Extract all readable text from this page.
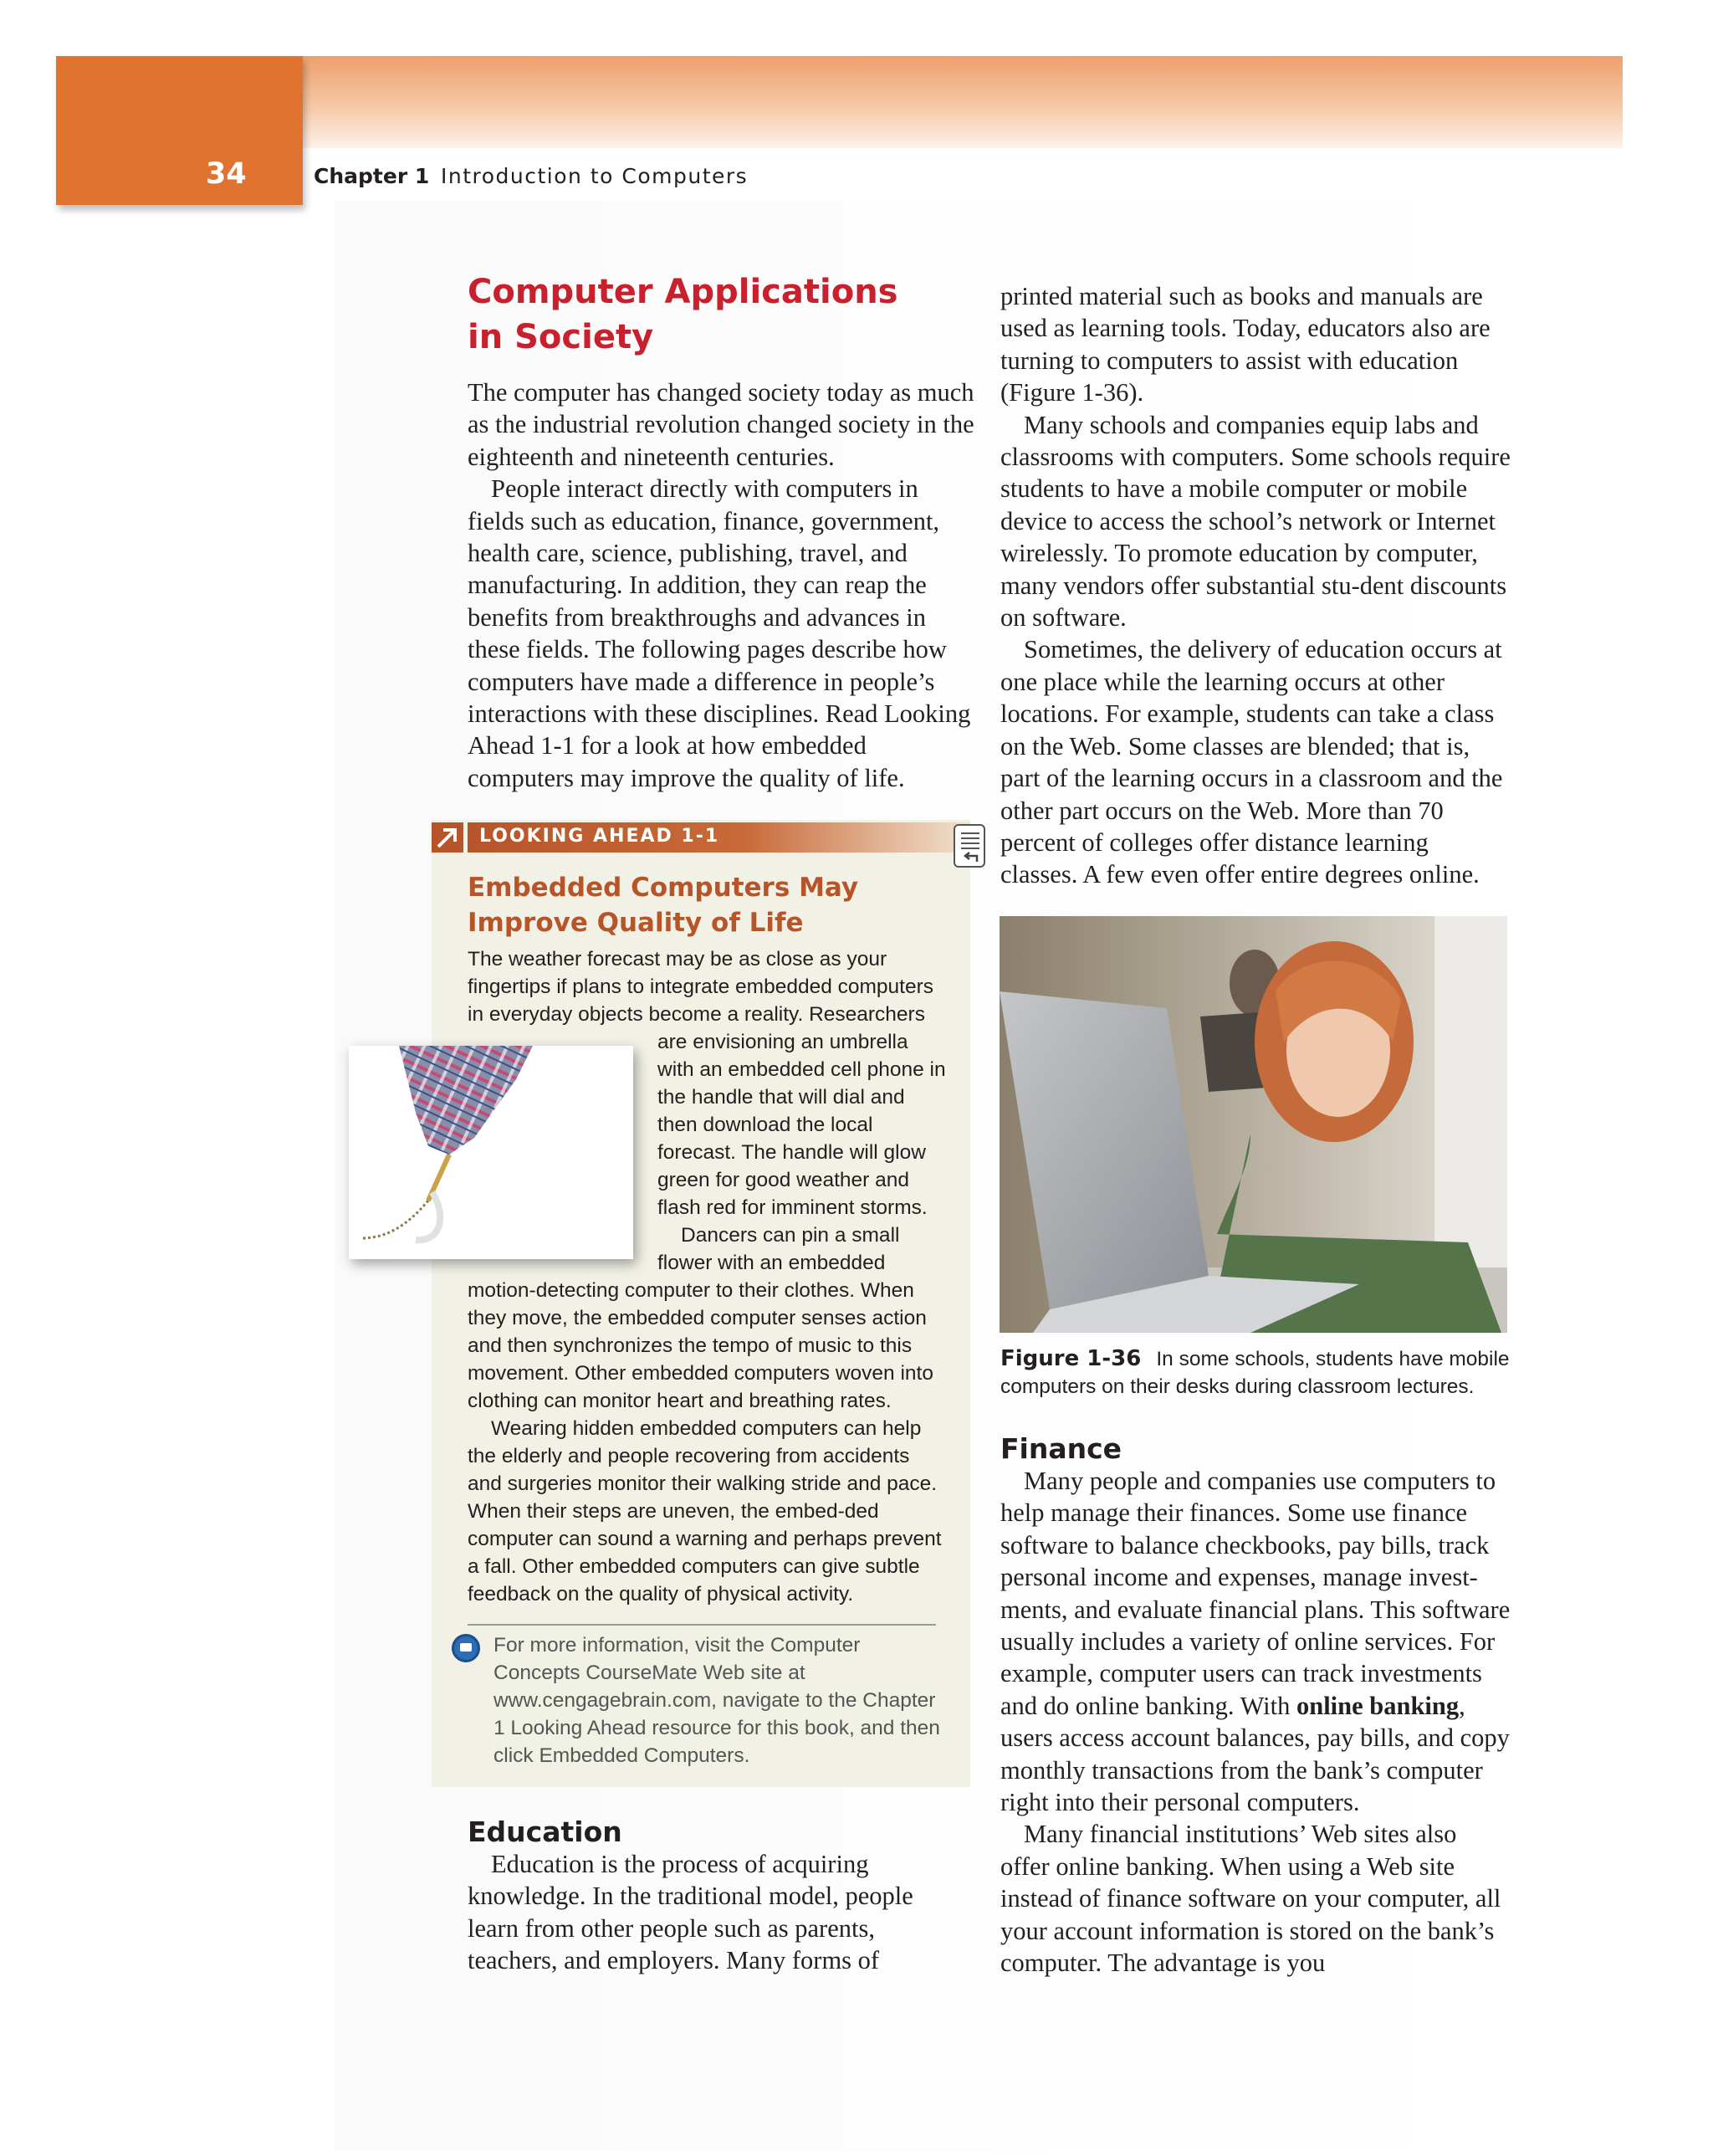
34	Chapter 1 Introduction to Computers
Computer Applications
in Society

The computer has changed society today as much as the industrial revolution changed society in the eighteenth and nineteenth centuries.

People interact directly with computers in fields such as education, finance, government, health care, science, publishing, travel, and manufacturing. In addition, they can reap the benefits from breakthroughs and advances in these fields. The following pages describe how computers have made a difference in people’s interactions with these disciplines. Read Looking Ahead 1-1 for a look at how embedded computers may improve the quality of life.

LOOKING AHEAD 1-1
Embedded Computers May Improve Quality of Life
The weather forecast may be as close as your fingertips if plans to integrate embedded computers in everyday objects become a reality. Researchers
are envisioning an umbrella with an embedded cell phone in the handle that will dial and then download the local forecast. The handle will glow green for good weather and flash red for imminent storms.
Dancers can pin a small flower with an embedded
motion-detecting computer to their clothes. When they move, the embedded computer senses action and then synchronizes the tempo of music to this movement. Other embedded computers woven into clothing can monitor heart and breathing rates.
Wearing hidden embedded computers can help the elderly and people recovering from accidents and surgeries monitor their walking stride and pace. When their steps are uneven, the embed-ded computer can sound a warning and perhaps prevent a fall. Other embedded computers can give subtle feedback on the quality of physical activity.
For more information, visit the Computer Concepts CourseMate Web site at www.cengagebrain.com, navigate to the Chapter 1 Looking Ahead resource for this book, and then click Embedded Computers.
Education

Education is the process of acquiring knowledge. In the traditional model, people learn from other people such as parents, teachers, and employers. Many forms of

printed material such as books and manuals are used as learning tools. Today, educators also are turning to computers to assist with education (Figure 1-36).

Many schools and companies equip labs and classrooms with computers. Some schools require students to have a mobile computer or mobile device to access the school’s network or Internet wirelessly. To promote education by computer, many vendors offer substantial stu-dent discounts on software.

Sometimes, the delivery of education occurs at one place while the learning occurs at other locations. For example, students can take a class on the Web. Some classes are blended; that is, part of the learning occurs in a classroom and the other part occurs on the Web. More than 70 percent of colleges offer distance learning classes. A few even offer entire degrees online.

Figure 1-36 In some schools, students have mobile computers on their desks during classroom lectures.
Finance

Many people and companies use computers to help manage their finances. Some use finance software to balance checkbooks, pay bills, track personal income and expenses, manage invest-ments, and evaluate financial plans. This software usually includes a variety of online services. For example, computer users can track investments and do online banking. With online banking, users access account balances, pay bills, and copy monthly transactions from the bank’s computer right into their personal computers.

Many financial institutions’ Web sites also offer online banking. When using a Web site instead of finance software on your computer, all your account information is stored on the bank’s computer. The advantage is you
